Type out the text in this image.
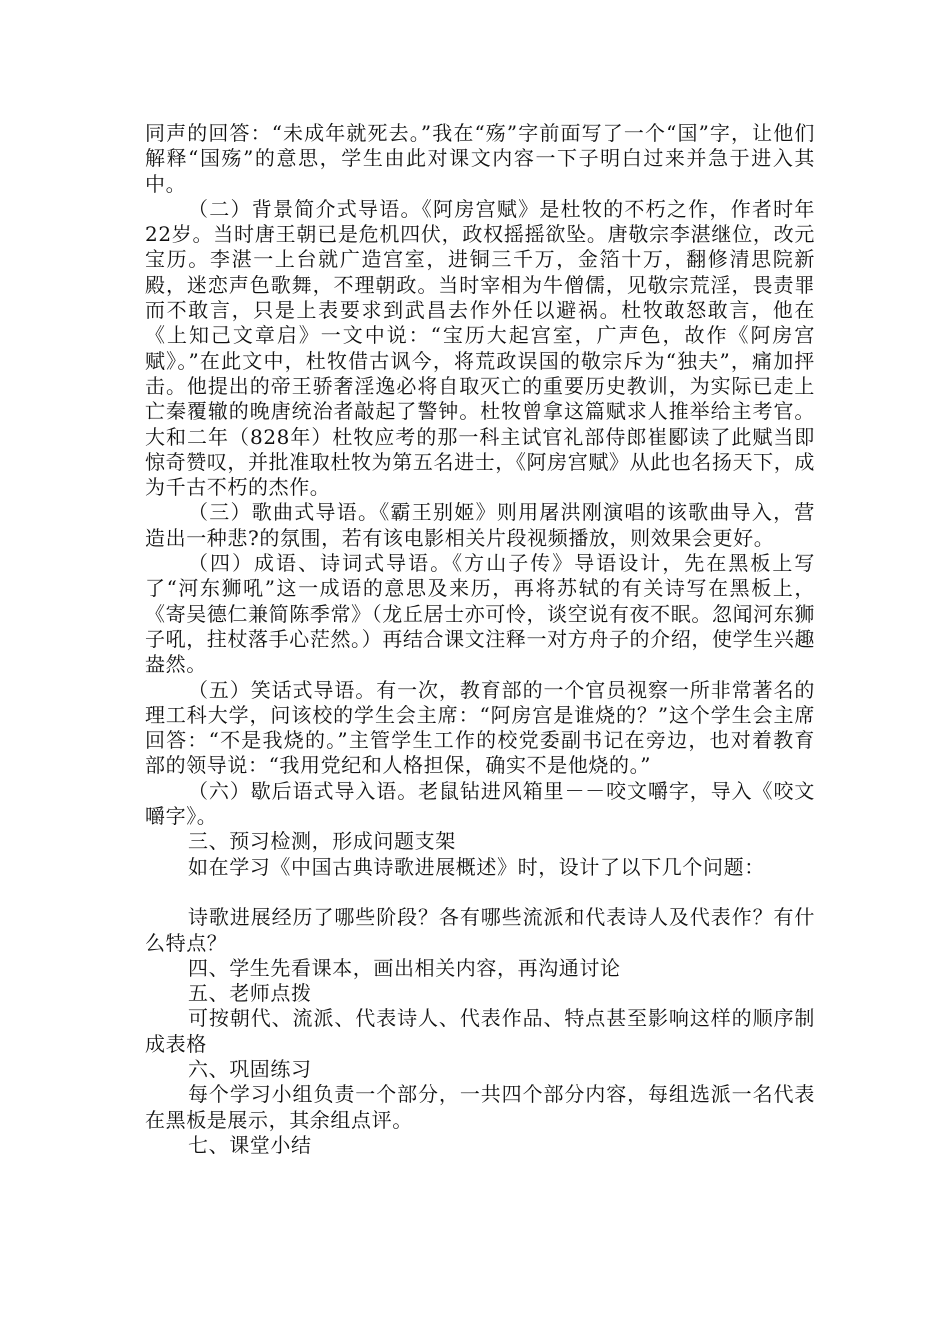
同声的回答：“未成年就死去。”我在“殇”字前面写了一个“国”字，让他们解释“国殇”的意思，学生由此对课文内容一下子明白过来并急于进入其中。

（二）背景简介式导语。《阿房宫赋》是杜牧的不朽之作，作者时年22岁。当时唐王朝已是危机四伏，政权摇摇欲坠。唐敬宗李湛继位，改元宝历。李湛一上台就广造宫室，进铜三千万，金箔十万，翻修清思院新殿，迷恋声色歌舞，不理朝政。当时宰相为牛僧儒，见敬宗荒淫，畏责罪而不敢言，只是上表要求到武昌去作外任以避祸。杜牧敢怒敢言，他在《上知己文章启》一文中说：“宝历大起宫室，广声色，故作《阿房宫赋》。”在此文中，杜牧借古讽今，将荒政误国的敬宗斥为“独夫”，痛加抨击。他提出的帝王骄奢淫逸必将自取灭亡的重要历史教训，为实际已走上亡秦覆辙的晚唐统治者敲起了警钟。杜牧曾拿这篇赋求人推举给主考官。大和二年（828年）杜牧应考的那一科主试官礼部侍郎崔郾读了此赋当即惊奇赞叹，并批准取杜牧为第五名进士，《阿房宫赋》从此也名扬天下，成为千古不朽的杰作。

（三）歌曲式导语。《霸王别姬》则用屠洪刚演唱的该歌曲导入，营造出一种悲?的氛围，若有该电影相关片段视频播放，则效果会更好。

（四）成语、诗词式导语。《方山子传》导语设计，先在黑板上写了“河东狮吼”这一成语的意思及来历，再将苏轼的有关诗写在黑板上，《寄吴德仁兼简陈季常》（龙丘居士亦可怜，谈空说有夜不眠。忽闻河东狮子吼，拄杖落手心茫然。）再结合课文注释一对方舟子的介绍，使学生兴趣盎然。

（五）笑话式导语。有一次，教育部的一个官员视察一所非常著名的理工科大学，问该校的学生会主席：“阿房宫是谁烧的？”这个学生会主席回答：“不是我烧的。”主管学生工作的校党委副书记在旁边，也对着教育部的领导说：“我用党纪和人格担保，确实不是他烧的。”

（六）歇后语式导入语。老鼠钻进风箱里－－咬文嚼字，导入《咬文嚼字》。

三、预习检测，形成问题支架

如在学习《中国古典诗歌进展概述》时，设计了以下几个问题：

诗歌进展经历了哪些阶段？各有哪些流派和代表诗人及代表作？有什么特点？

四、学生先看课本，画出相关内容，再沟通讨论

五、老师点拨

可按朝代、流派、代表诗人、代表作品、特点甚至影响这样的顺序制成表格

六、巩固练习

每个学习小组负责一个部分，一共四个部分内容，每组选派一名代表在黑板是展示，其余组点评。

七、课堂小结
